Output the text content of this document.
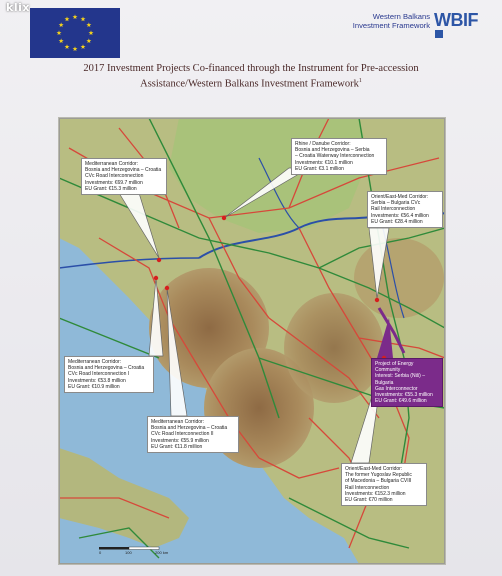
klix
Western Balkans
Investment Framework WBIF
2017 Investment Projects Co-financed through the Instrument for Pre-accession
Assistance/Western Balkans Investment Framework$^1$
Mediterranean Corridor:
Bosnia and Herzegovina – Croatia
CVc Road Interconnection
Investments: €69.7 million
EU Grant: €15.3 million
Rhine / Danube Corridor:
Bosnia and Herzegovina – Serbia
– Croatia Waterway Interconnection
Investments: €10.1 million
EU Grant: €3.1 million
Orient/East-Med Corridor:
Serbia – Bulgaria CVc
Rail Interconnection
Investments: €56.4 million
EU Grant: €28.4 million
Mediterranean Corridor:
Bosnia and Herzegovina – Croatia
CVc Road Interconnection I
Investments: €53.8 million
EU Grant: €10.9 million
Project of Energy Community
Interest: Serbia (Niš) – Bulgaria
Gas Interconnector
Investments: €55.3 million
EU Grant: €49.6 million
Mediterranean Corridor:
Bosnia and Herzegovina – Croatia
CVc Road Interconnection II
Investments: €55.9 million
EU Grant: €11.8 million
Orient/East-Med Corridor:
The former Yugoslav Republic
of Macedonia – Bulgaria CVIII
Rail Interconnection
Investments: €152.3 million
EU Grant: €70 million
0	100	200 km
